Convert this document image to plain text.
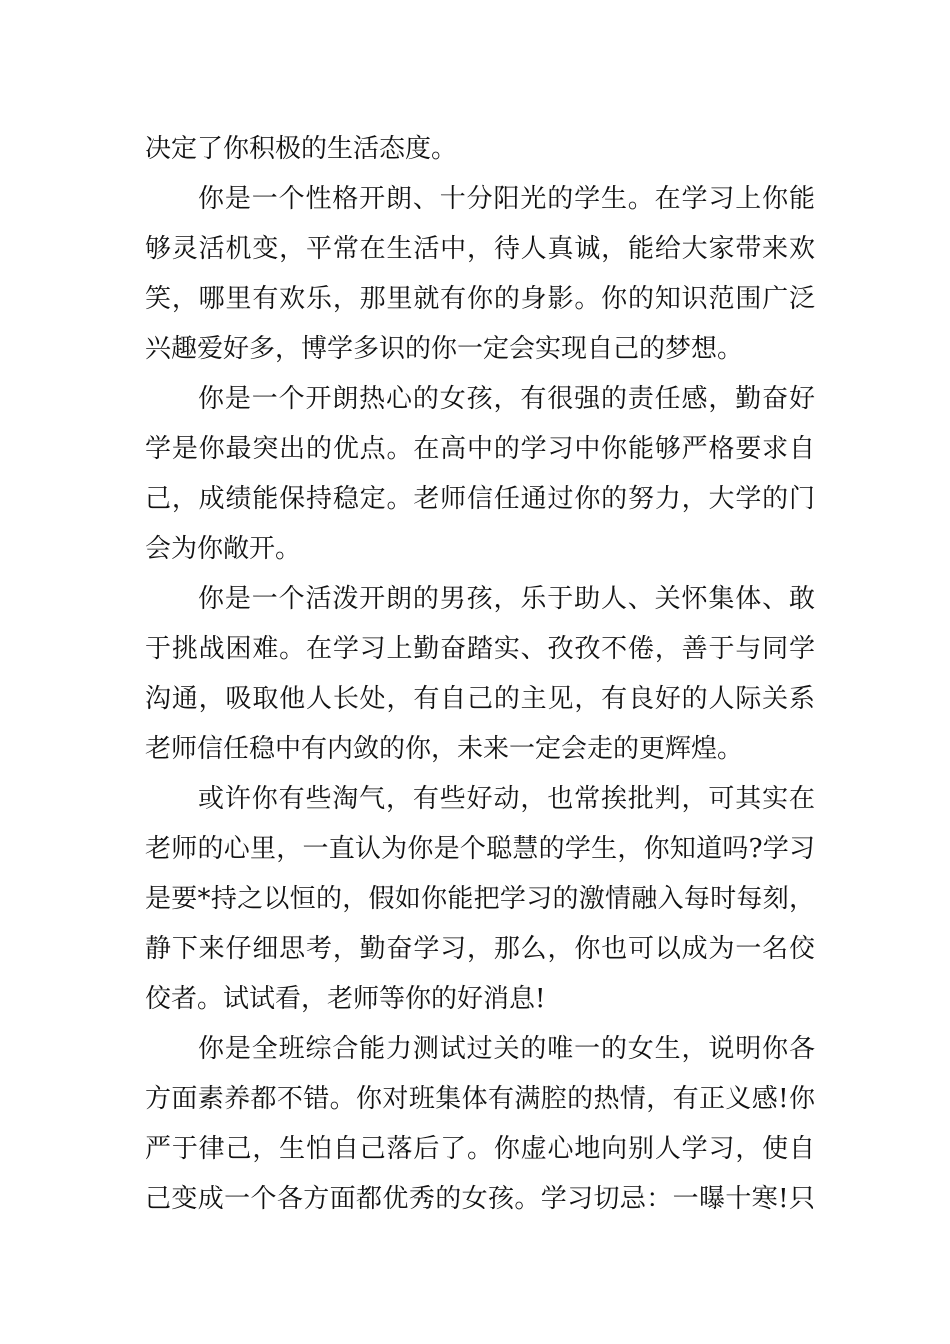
决定了你积极的生活态度。
你是一个性格开朗、十分阳光的学生。在学习上你能
够灵活机变，平常在生活中，待人真诚，能给大家带来欢
笑，哪里有欢乐，那里就有你的身影。你的知识范围广泛
兴趣爱好多，博学多识的你一定会实现自己的梦想。
你是一个开朗热心的女孩，有很强的责任感，勤奋好
学是你最突出的优点。在高中的学习中你能够严格要求自
己，成绩能保持稳定。老师信任通过你的努力，大学的门
会为你敞开。
你是一个活泼开朗的男孩，乐于助人、关怀集体、敢
于挑战困难。在学习上勤奋踏实、孜孜不倦，善于与同学
沟通，吸取他人长处，有自己的主见，有良好的人际关系
老师信任稳中有内敛的你，未来一定会走的更辉煌。
或许你有些淘气，有些好动，也常挨批判，可其实在
老师的心里，一直认为你是个聪慧的学生，你知道吗?学习
是要*持之以恒的，假如你能把学习的激情融入每时每刻，
静下来仔细思考，勤奋学习，那么，你也可以成为一名佼
佼者。试试看，老师等你的好消息!
你是全班综合能力测试过关的唯一的女生，说明你各
方面素养都不错。你对班集体有满腔的热情，有正义感!你
严于律己，生怕自己落后了。你虚心地向别人学习，使自
己变成一个各方面都优秀的女孩。学习切忌：一曝十寒!只
